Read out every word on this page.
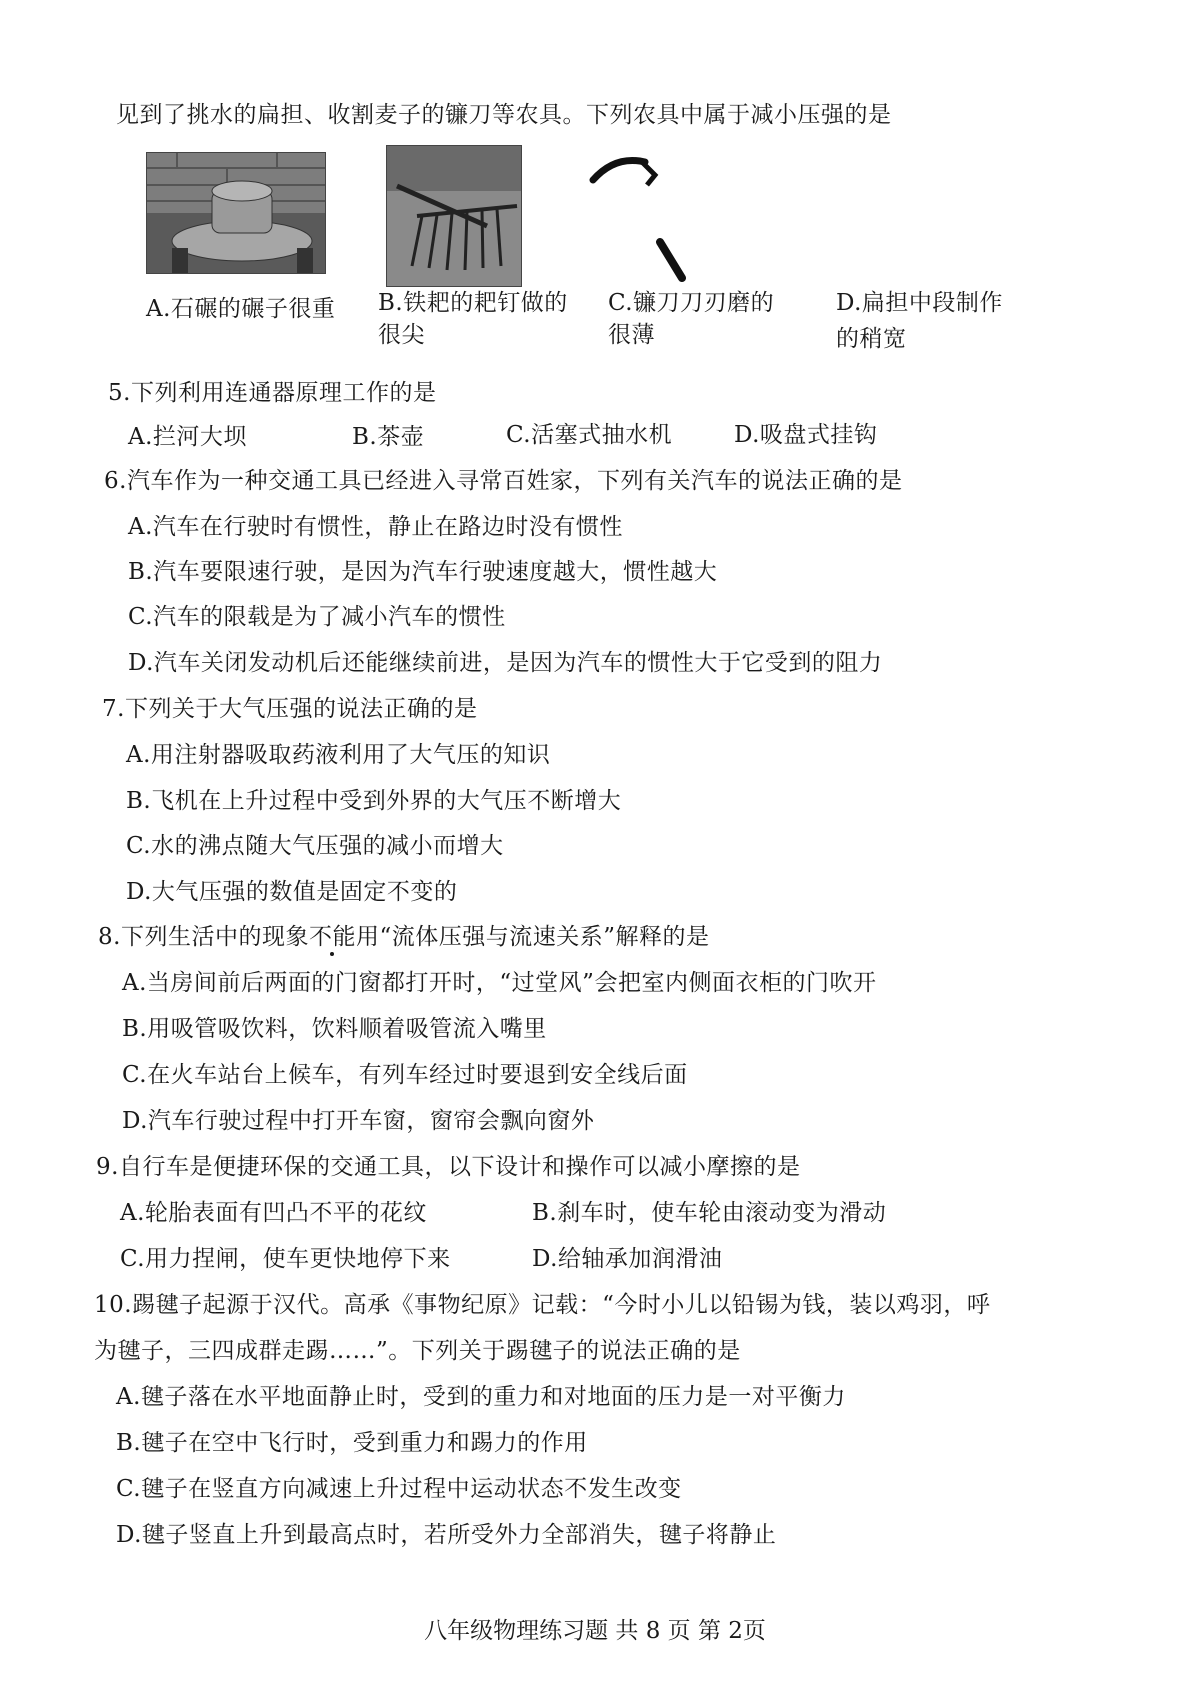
见到了挑水的扁担、收割麦子的镰刀等农具。下列农具中属于减小压强的是
A.石碾的碾子很重 B.铁耙的耙钉做的
很尖
C.镰刀刀刃磨的
很薄
D.扁担中段制作
的稍宽
5.下列利用连通器原理工作的是
A.拦河大坝	B.茶壶	C.活塞式抽水机	D.吸盘式挂钩
6.汽车作为一种交通工具已经进入寻常百姓家，下列有关汽车的说法正确的是
A.汽车在行驶时有惯性，静止在路边时没有惯性
B.汽车要限速行驶，是因为汽车行驶速度越大，惯性越大
C.汽车的限载是为了减小汽车的惯性
D.汽车关闭发动机后还能继续前进，是因为汽车的惯性大于它受到的阻力
7.下列关于大气压强的说法正确的是
A.用注射器吸取药液利用了大气压的知识
B.飞机在上升过程中受到外界的大气压不断增大
C.水的沸点随大气压强的减小而增大
D.大气压强的数值是固定不变的
8.下列生活中的现象不能用“流体压强与流速关系”解释的是
A.当房间前后两面的门窗都打开时，“过堂风”会把室内侧面衣柜的门吹开
B.用吸管吸饮料，饮料顺着吸管流入嘴里
C.在火车站台上候车，有列车经过时要退到安全线后面
D.汽车行驶过程中打开车窗，窗帘会飘向窗外
9.自行车是便捷环保的交通工具，以下设计和操作可以减小摩擦的是
A.轮胎表面有凹凸不平的花纹	B.刹车时，使车轮由滚动变为滑动
C.用力捏闸，使车更快地停下来	D.给轴承加润滑油
10.踢毽子起源于汉代。高承《事物纪原》记载：“今时小儿以铅锡为钱，装以鸡羽，呼
为毽子，三四成群走踢……”。下列关于踢毽子的说法正确的是
A.毽子落在水平地面静止时，受到的重力和对地面的压力是一对平衡力
B.毽子在空中飞行时，受到重力和踢力的作用
C.毽子在竖直方向减速上升过程中运动状态不发生改变
D.毽子竖直上升到最高点时，若所受外力全部消失，毽子将静止
八年级物理练习题 共 8 页 第 2页
